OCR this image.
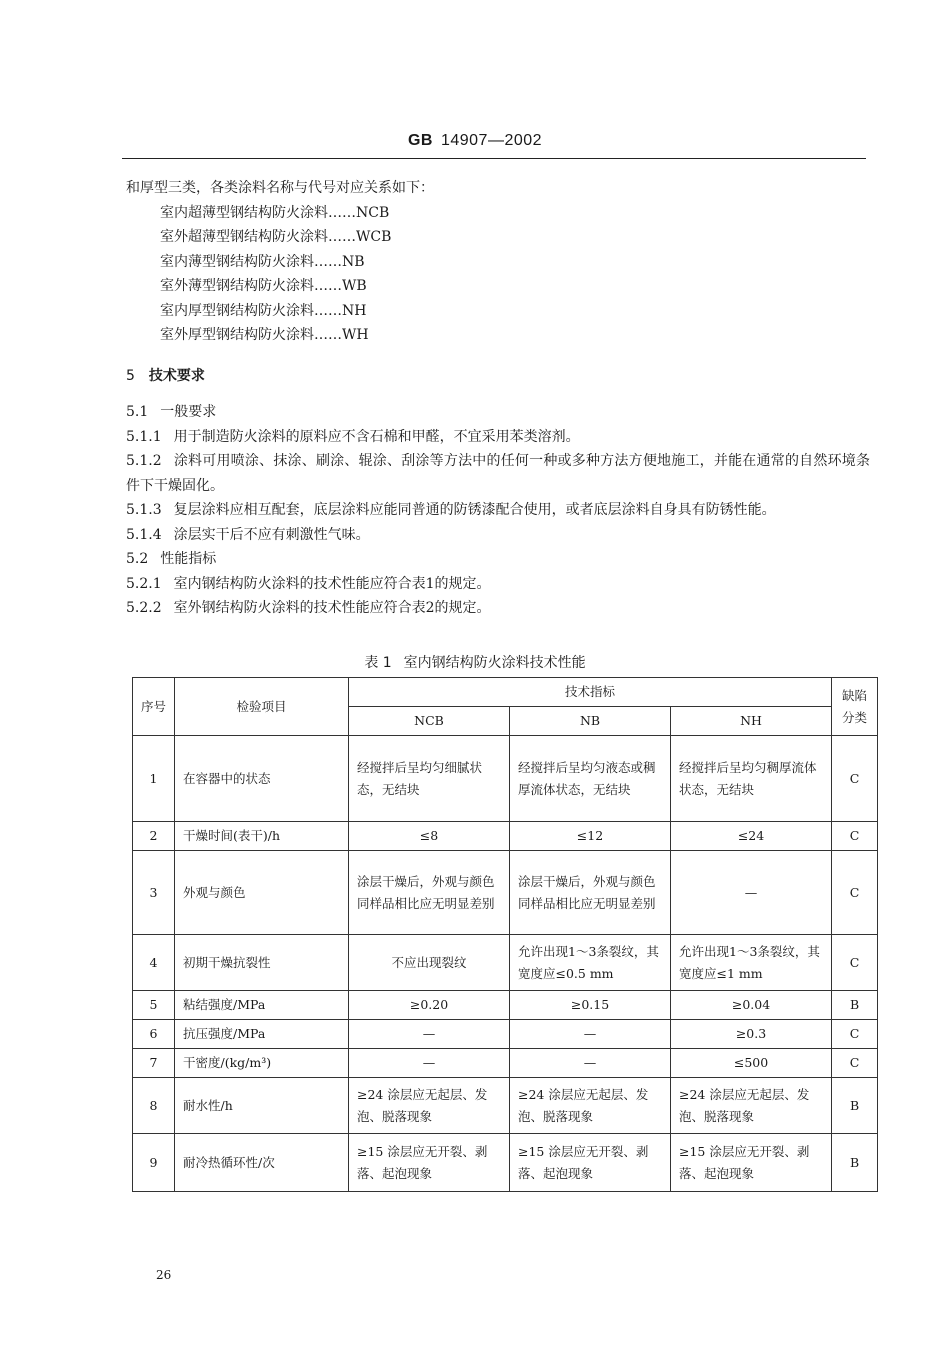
GB 14907—2002

和厚型三类，各类涂料名称与代号对应关系如下：

室内超薄型钢结构防火涂料……NCB

室外超薄型钢结构防火涂料……WCB

室内薄型钢结构防火涂料……NB

室外薄型钢结构防火涂料……WB

室内厚型钢结构防火涂料……NH

室外厚型钢结构防火涂料……WH

5 技术要求

5.1 一般要求

5.1.1 用于制造防火涂料的原料应不含石棉和甲醛，不宜采用苯类溶剂。

5.1.2 涂料可用喷涂、抹涂、刷涂、辊涂、刮涂等方法中的任何一种或多种方法方便地施工，并能在通常的自然环境条件下干燥固化。

5.1.3 复层涂料应相互配套，底层涂料应能同普通的防锈漆配合使用，或者底层涂料自身具有防锈性能。

5.1.4 涂层实干后不应有刺激性气味。

5.2 性能指标

5.2.1 室内钢结构防火涂料的技术性能应符合表1的规定。

5.2.2 室外钢结构防火涂料的技术性能应符合表2的规定。

表 1 室内钢结构防火涂料技术性能
序号	检验项目	技术指标			缺陷
分类
		NCB	NB	NH	
1	在容器中的状态	经搅拌后呈均匀细腻状态，无结块	经搅拌后呈均匀液态或稠厚流体状态，无结块	经搅拌后呈均匀稠厚流体状态，无结块	C
2	干燥时间(表干)/h	≤8	≤12	≤24	C
3	外观与颜色	涂层干燥后，外观与颜色同样品相比应无明显差别	涂层干燥后，外观与颜色同样品相比应无明显差别	—	C
4	初期干燥抗裂性	不应出现裂纹	允许出现1～3条裂纹，其宽度应≤0.5 mm	允许出现1～3条裂纹，其宽度应≤1 mm	C
5	粘结强度/MPa	≥0.20	≥0.15	≥0.04	B
6	抗压强度/MPa	—	—	≥0.3	C
7	干密度/(kg/m³)	—	—	≤500	C
8	耐水性/h	≥24 涂层应无起层、发泡、脱落现象	≥24 涂层应无起层、发泡、脱落现象	≥24 涂层应无起层、发泡、脱落现象	B
9	耐冷热循环性/次	≥15 涂层应无开裂、剥落、起泡现象	≥15 涂层应无开裂、剥落、起泡现象	≥15 涂层应无开裂、剥落、起泡现象	B
26
